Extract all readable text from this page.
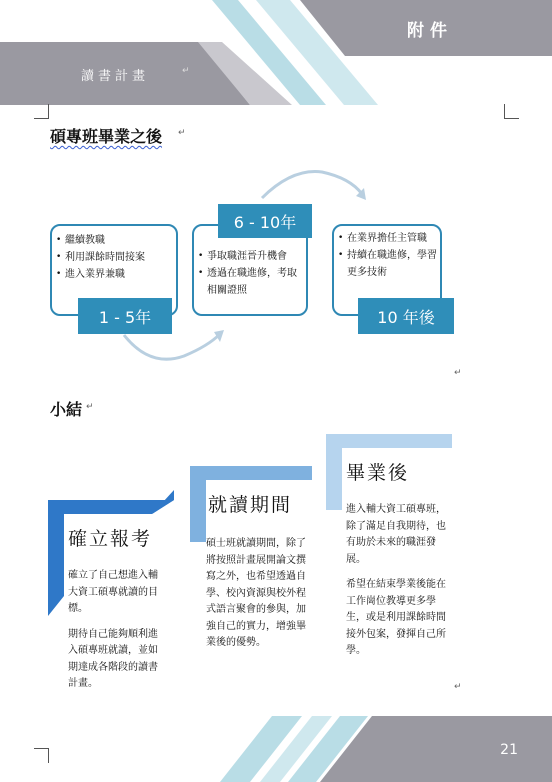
附件
讀書計畫	↵
碩專班畢業之後 ↵
• 繼續教職
• 利用課餘時間接案
• 進入業界兼職
1 - 5年
• 爭取職涯晉升機會
• 透過在職進修，考取相關證照
6 - 10年
• 在業界擔任主管職
• 持續在職進修，學習更多技術
10 年後
↵
小結 ↵
確立報考

確立了自己想進入輔大資工碩專就讀的目標。

期待自己能夠順利進入碩專班就讀，並如期達成各階段的讀書計畫。

就讀期間

碩士班就讀期間，除了將按照計畫展開論文撰寫之外，也希望透過自學、校內資源與校外程式語言聚會的參與，加強自己的實力，增強畢業後的優勢。

畢業後

進入輔大資工碩專班，除了滿足自我期待，也有助於未來的職涯發展。

希望在結束學業後能在工作崗位教導更多學生，或是利用課餘時間接外包案，發揮自己所學。

↵
21
